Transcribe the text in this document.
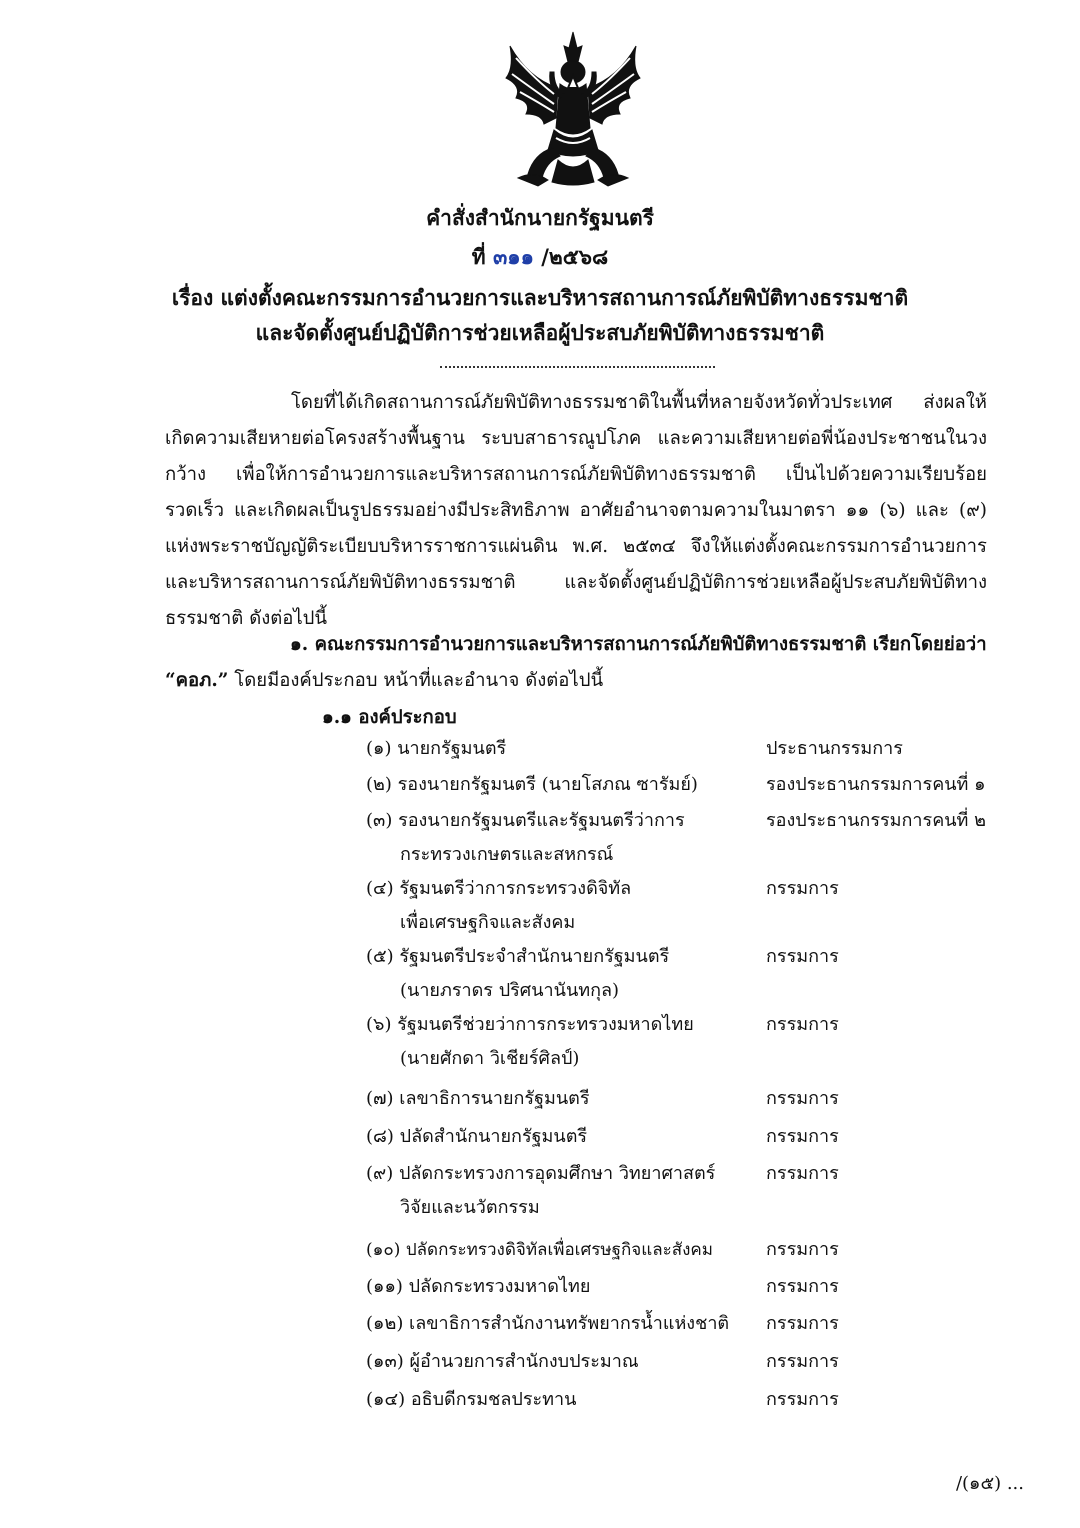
คำสั่งสำนักนายกรัฐมนตรี
ที่ ๓๑๑ /๒๕๖๘
เรื่อง แต่งตั้งคณะกรรมการอำนวยการและบริหารสถานการณ์ภัยพิบัติทางธรรมชาติ
และจัดตั้งศูนย์ปฏิบัติการช่วยเหลือผู้ประสบภัยพิบัติทางธรรมชาติ

โดยที่ได้เกิดสถานการณ์ภัยพิบัติทางธรรมชาติในพื้นที่หลายจังหวัดทั่วประเทศ ส่งผลให้เกิดความเสียหายต่อโครงสร้างพื้นฐาน ระบบสาธารณูปโภค และความเสียหายต่อพี่น้องประชาชนในวงกว้าง เพื่อให้การอำนวยการและบริหารสถานการณ์ภัยพิบัติทางธรรมชาติ เป็นไปด้วยความเรียบร้อย รวดเร็ว และเกิดผลเป็นรูปธรรมอย่างมีประสิทธิภาพ อาศัยอำนาจตามความในมาตรา ๑๑ (๖) และ (๙) แห่งพระราชบัญญัติระเบียบบริหารราชการแผ่นดิน พ.ศ. ๒๕๓๔ จึงให้แต่งตั้งคณะกรรมการอำนวยการและบริหารสถานการณ์ภัยพิบัติทางธรรมชาติ และจัดตั้งศูนย์ปฏิบัติการช่วยเหลือผู้ประสบภัยพิบัติทางธรรมชาติ ดังต่อไปนี้

๑. คณะกรรมการอำนวยการและบริหารสถานการณ์ภัยพิบัติทางธรรมชาติ เรียกโดยย่อว่า
“คอภ.” โดยมีองค์ประกอบ หน้าที่และอำนาจ ดังต่อไปนี้
๑.๑ องค์ประกอบ
(๑) นายกรัฐมนตรี	ประธานกรรมการ
(๒) รองนายกรัฐมนตรี (นายโสภณ ซารัมย์)	รองประธานกรรมการคนที่ ๑
(๓) รองนายกรัฐมนตรีและรัฐมนตรีว่าการ
กระทรวงเกษตรและสหกรณ์
รองประธานกรรมการคนที่ ๒
(๔) รัฐมนตรีว่าการกระทรวงดิจิทัล
เพื่อเศรษฐกิจและสังคม
กรรมการ
(๕) รัฐมนตรีประจำสำนักนายกรัฐมนตรี
(นายภราดร ปริศนานันทกุล)
กรรมการ
(๖) รัฐมนตรีช่วยว่าการกระทรวงมหาดไทย
(นายศักดา วิเชียร์ศิลป์)
กรรมการ
(๗) เลขาธิการนายกรัฐมนตรี	กรรมการ
(๘) ปลัดสำนักนายกรัฐมนตรี	กรรมการ
(๙) ปลัดกระทรวงการอุดมศึกษา วิทยาศาสตร์
วิจัยและนวัตกรรม
กรรมการ
(๑๐) ปลัดกระทรวงดิจิทัลเพื่อเศรษฐกิจและสังคม	กรรมการ
(๑๑) ปลัดกระทรวงมหาดไทย	กรรมการ
(๑๒) เลขาธิการสำนักงานทรัพยากรน้ำแห่งชาติ	กรรมการ
(๑๓) ผู้อำนวยการสำนักงบประมาณ	กรรมการ
(๑๔) อธิบดีกรมชลประทาน	กรรมการ
/(๑๕) ...
